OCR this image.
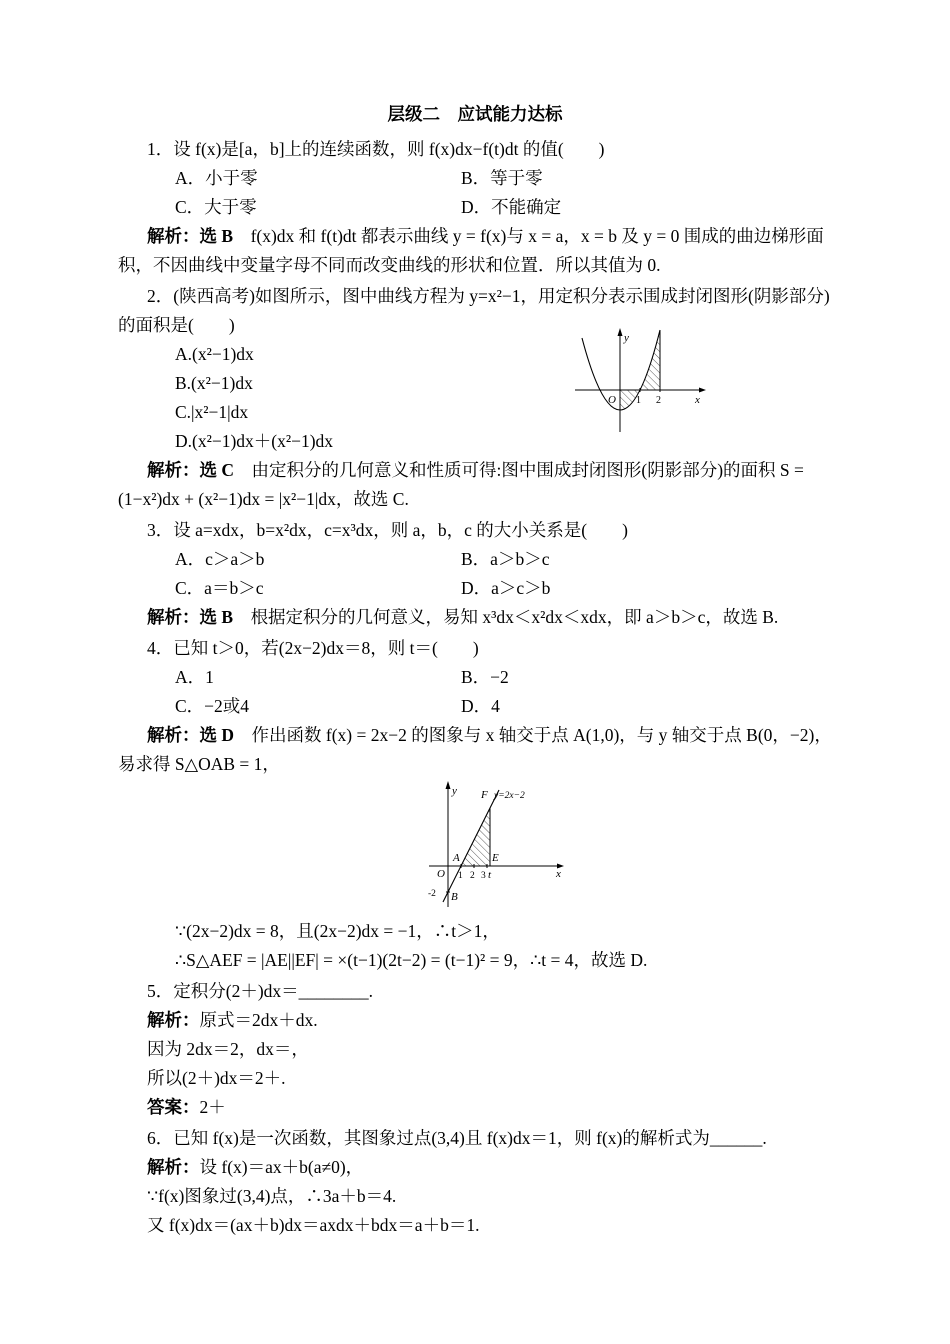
层级二　应试能力达标

1．设 f(x)是[a，b]上的连续函数，则 f(x)dx−f(t)dt 的值(　　)

A．小于零	B．等于零
C．大于零	D．不能确定

解析：选 B　f(x)dx 和 f(t)dt 都表示曲线 y = f(x)与 x = a，x = b 及 y = 0 围成的曲边梯形面积，不因曲线中变量字母不同而改变曲线的形状和位置．所以其值为 0.

2．(陕西高考)如图所示，图中曲线方程为 y=x²−1，用定积分表示围成封闭图形(阴影部分)的面积是(　　)

A.(x²−1)dx

B.(x²−1)dx

C.|x²−1|dx

D.(x²−1)dx＋(x²−1)dx

解析：选 C　由定积分的几何意义和性质可得:图中围成封闭图形(阴影部分)的面积 S = (1−x²)dx + (x²−1)dx = |x²−1|dx，故选 C.

y
O	x
1 2

3．设 a=xdx，b=x²dx，c=x³dx，则 a，b，c 的大小关系是(　　)

A．c＞a＞b	B．a＞b＞c
C．a＝b＞c	D．a＞c＞b

解析：选 B　根据定积分的几何意义，易知 x³dx＜x²dx＜xdx，即 a＞b＞c，故选 B.

4．已知 t＞0，若(2x−2)dx＝8，则 t＝(　　)

A．1	B．−2
C．−2或4	D．4

解析：选 D　作出函数 f(x) = 2x−2 的图象与 x 轴交于点 A(1,0)，与 y 轴交于点 B(0，−2)，易求得 S△OAB = 1，

y F
O
A	E
B
x
t
1 2 3
-2
y=2x−2

∵(2x−2)dx = 8，且(2x−2)dx = −1，∴t＞1，

∴S△AEF = |AE||EF| = ×(t−1)(2t−2) = (t−1)² = 9，∴t = 4，故选 D.

5．定积分(2＋)dx＝________.

解析：原式＝2dx＋dx.

因为 2dx＝2，dx＝，

所以(2＋)dx＝2＋.

答案：2＋

6．已知 f(x)是一次函数，其图象过点(3,4)且 f(x)dx＝1，则 f(x)的解析式为______.

解析：设 f(x)＝ax＋b(a≠0)，

∵f(x)图象过(3,4)点，∴3a＋b＝4.

又 f(x)dx＝(ax＋b)dx＝axdx＋bdx＝a＋b＝1.
